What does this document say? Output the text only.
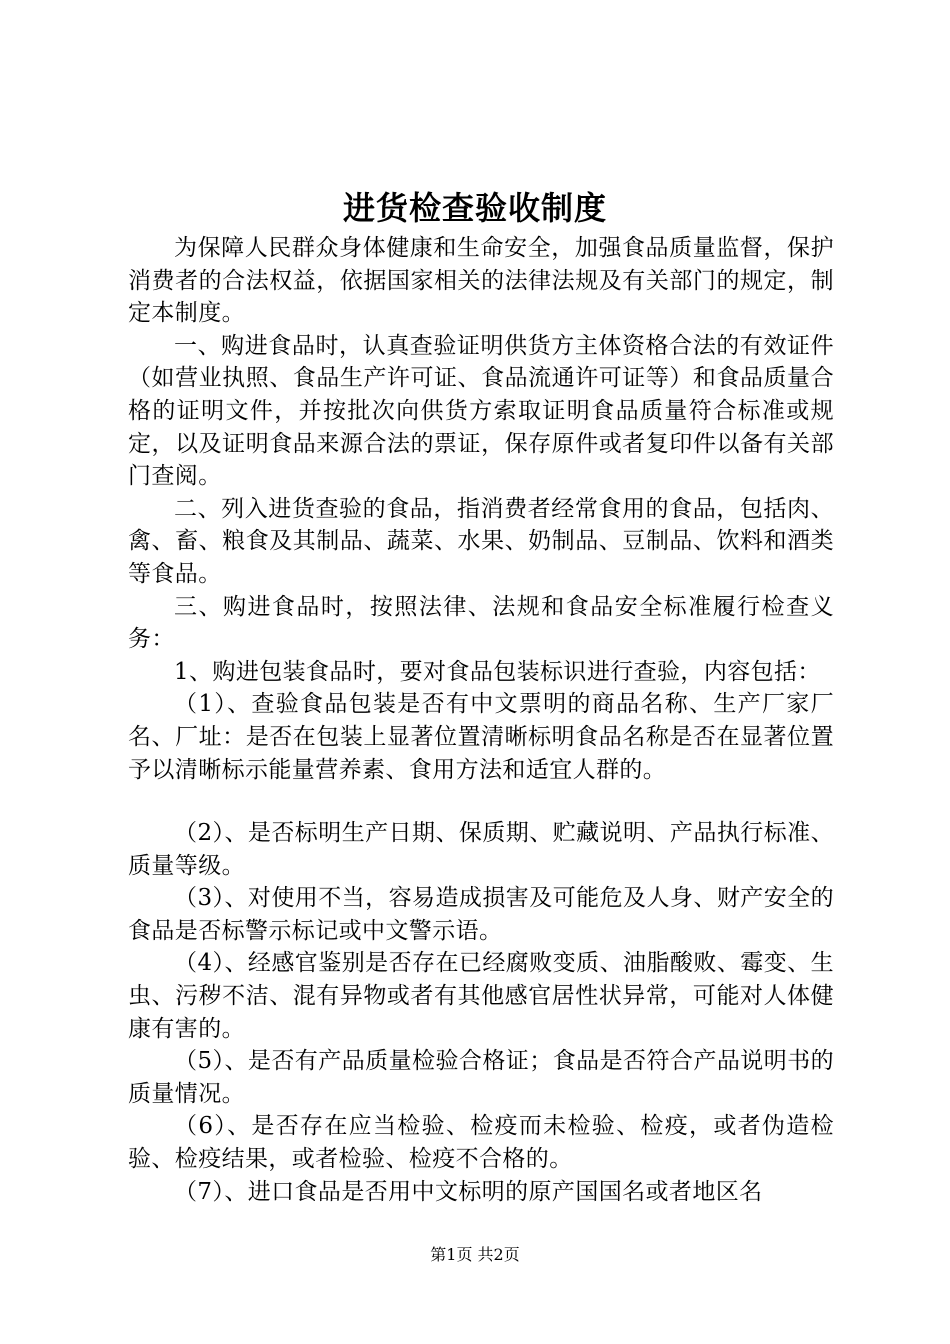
进货检查验收制度

为保障人民群众身体健康和生命安全，加强食品质量监督，保护消费者的合法权益，依据国家相关的法律法规及有关部门的规定，制定本制度。

一、购进食品时，认真查验证明供货方主体资格合法的有效证件（如营业执照、食品生产许可证、食品流通许可证等）和食品质量合格的证明文件，并按批次向供货方索取证明食品质量符合标准或规定，以及证明食品来源合法的票证，保存原件或者复印件以备有关部门查阅。

二、列入进货查验的食品，指消费者经常食用的食品，包括肉、禽、畜、粮食及其制品、蔬菜、水果、奶制品、豆制品、饮料和酒类等食品。

三、购进食品时，按照法律、法规和食品安全标准履行检查义务：

1、购进包装食品时，要对食品包装标识进行查验，内容包括：

（1）、查验食品包装是否有中文票明的商品名称、生产厂家厂名、厂址：是否在包装上显著位置清晰标明食品名称是否在显著位置予以清晰标示能量营养素、食用方法和适宜人群的。

（2）、是否标明生产日期、保质期、贮藏说明、产品执行标准、质量等级。

（3）、对使用不当，容易造成损害及可能危及人身、财产安全的食品是否标警示标记或中文警示语。

（4）、经感官鉴别是否存在已经腐败变质、油脂酸败、霉变、生虫、污秽不洁、混有异物或者有其他感官居性状异常，可能对人体健康有害的。

（5）、是否有产品质量检验合格证；食品是否符合产品说明书的质量情况。

（6）、是否存在应当检验、检疫而未检验、检疫，或者伪造检验、检疫结果，或者检验、检疫不合格的。

（7）、进口食品是否用中文标明的原产国国名或者地区名

第1页 共2页
